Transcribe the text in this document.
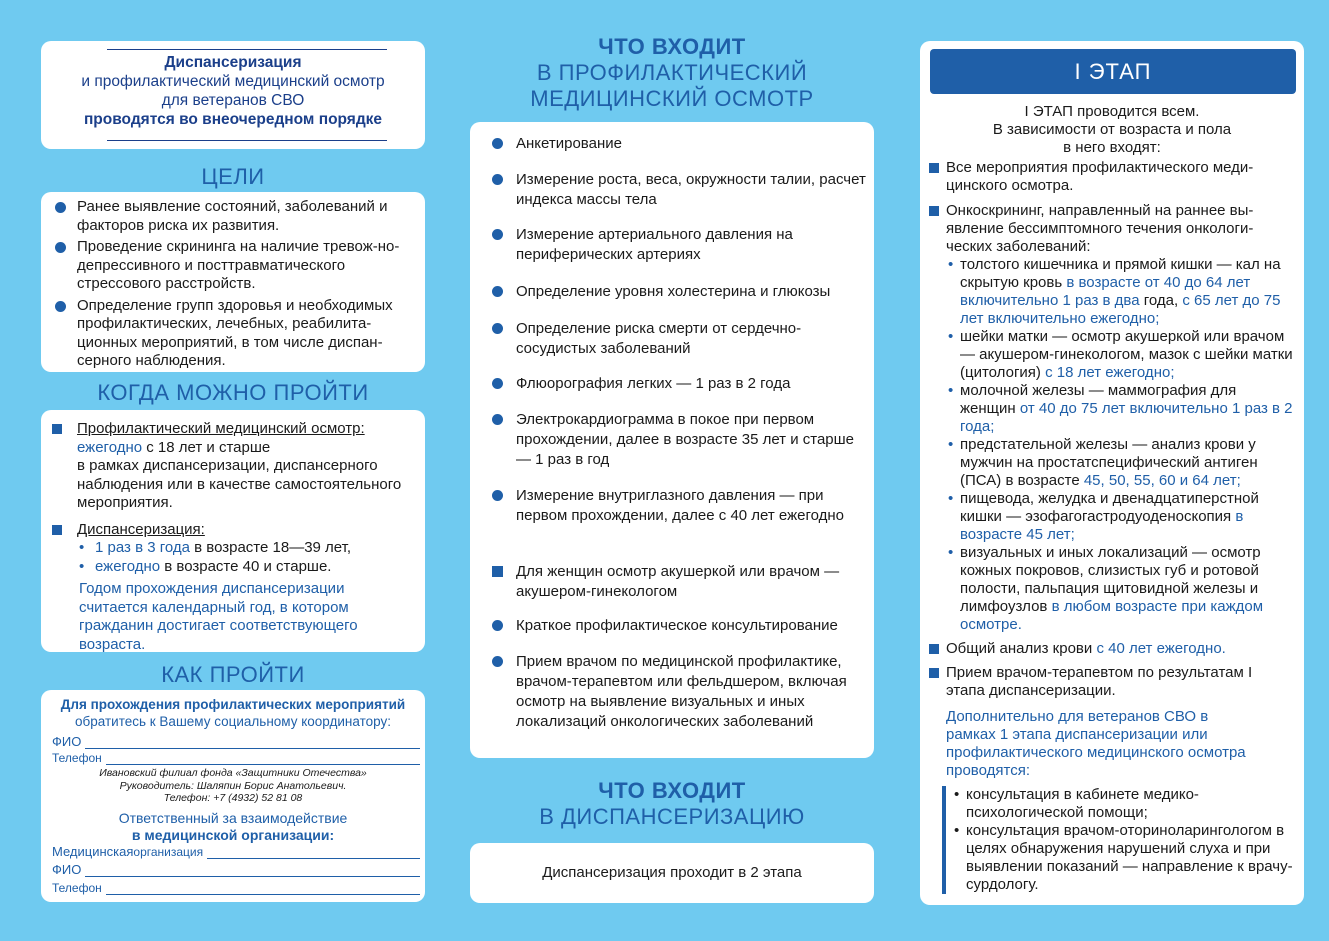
Диспансеризация
и профилактический медицинский осмотр
для ветеранов СВО
проводятся во внеочередном порядке
ЦЕЛИ
Ранее выявление состояний, заболеваний и факторов риска их развития.
Проведение скрининга на наличие тревож-но-депрессивного и посттравматического стрессового расстройств.
Определение групп здоровья и необходимых профилактических, лечебных, реабилита-ционных мероприятий, в том числе диспан-серного наблюдения.
КОГДА МОЖНО ПРОЙТИ
Профилактический медицинский осмотр:
ежегодно с 18 лет и старше
в рамках диспансеризации, диспансерного наблюдения или в качестве самостоятельного мероприятия.
Диспансеризация:
• 1 раз в 3 года в возрасте 18—39 лет,
• ежегодно в возрасте 40 и старше.
Годом прохождения диспансеризации считается календарный год, в котором гражданин достигает соответствующего возраста.
КАК ПРОЙТИ
Для прохождения профилактических мероприятий
обратитесь к Вашему социальному координатору:
ФИО
Телефон
Ивановский филиал фонда «Защитники Отечества»
Руководитель: Шаляпин Борис Анатольевич.
Телефон: +7 (4932) 52 81 08
Ответственный за взаимодействие
в медицинской организации:
Медицинская организация
ФИО
Телефон
ЧТО ВХОДИТ
В ПРОФИЛАКТИЧЕСКИЙ
МЕДИЦИНСКИЙ ОСМОТР
Анкетирование
Измерение роста, веса, окружности талии, расчет индекса массы тела
Измерение артериального давления на периферических артериях
Определение уровня холестерина и глюкозы
Определение риска смерти от сердечно-сосудистых заболеваний
Флюорография легких — 1 раз в 2 года
Электрокардиограмма в покое при первом прохождении, далее в возрасте 35 лет и старше — 1 раз в год
Измерение внутриглазного давления — при первом прохождении, далее с 40 лет ежегодно
Для женщин осмотр акушеркой или врачом — акушером-гинекологом
Краткое профилактическое консультирование
Прием врачом по медицинской профилактике, врачом-терапевтом или фельдшером, включая осмотр на выявление визуальных и иных локализаций онкологических заболеваний
ЧТО ВХОДИТ
В ДИСПАНСЕРИЗАЦИЮ
Диспансеризация проходит в 2 этапа
I ЭТАП
I ЭТАП проводится всем.
В зависимости от возраста и пола
в него входят:
Все мероприятия профилактического меди-цинского осмотра.
Онкоскрининг, направленный на раннее вы-явление бессимптомного течения онкологи-ческих заболеваний:
• толстого кишечника и прямой кишки — кал на скрытую кровь в возрасте от 40 до 64 лет включительно 1 раз в два года, с 65 лет до 75 лет включительно ежегодно;
• шейки матки — осмотр акушеркой или врачом — акушером-гинекологом, мазок с шейки матки (цитология) с 18 лет ежегодно;
• молочной железы — маммография для женщин от 40 до 75 лет включительно 1 раз в 2 года;
• предстательной железы — анализ крови у мужчин на простатспецифический антиген (ПСА) в возрасте 45, 50, 55, 60 и 64 лет;
• пищевода, желудка и двенадцатиперстной кишки — эзофагогастродуоденоскопия в возрасте 45 лет;
• визуальных и иных локализаций — осмотр кожных покровов, слизистых губ и ротовой полости, пальпация щитовидной железы и лимфоузлов в любом возрасте при каждом осмотре.
Общий анализ крови с 40 лет ежегодно.
Прием врачом-терапевтом по результатам I этапа диспансеризации.
Дополнительно для ветеранов СВО в рамках 1 этапа диспансеризации или профилактического медицинского осмотра проводятся:
• консультация в кабинете медико-психологической помощи;
• консультация врачом-оториноларингологом в целях обнаружения нарушений слуха и при выявлении показаний — направление к врачу-сурдологу.
